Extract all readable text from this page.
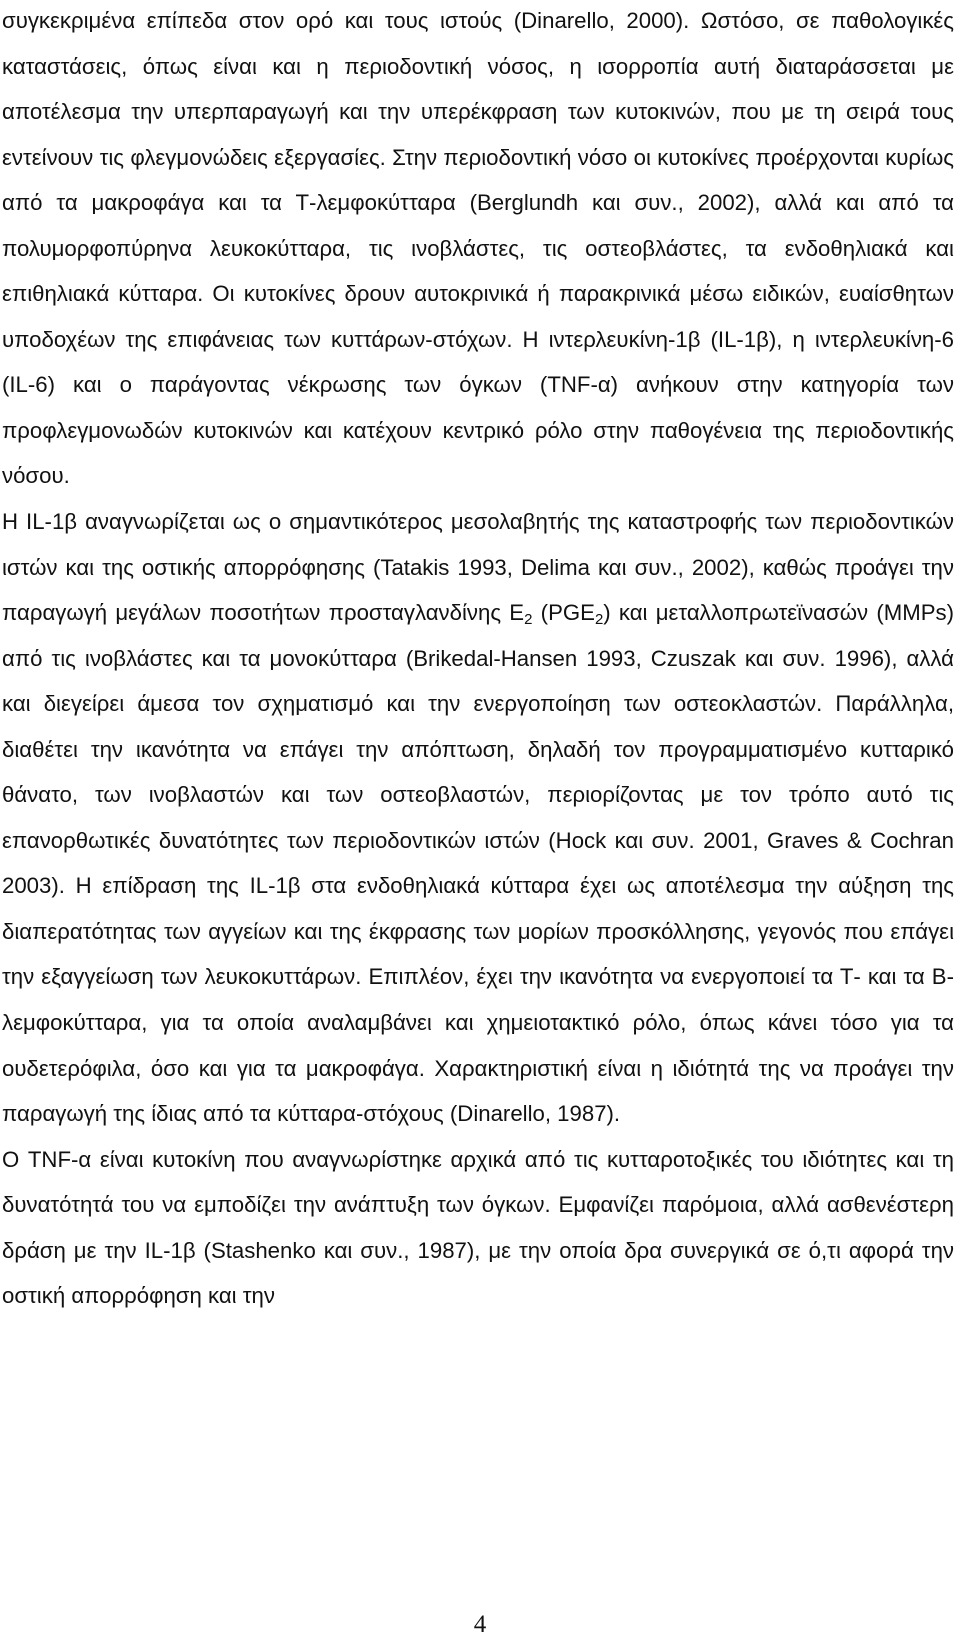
συγκεκριμένα επίπεδα στον ορό και τους ιστούς (Dinarello, 2000). Ωστόσο, σε παθολογικές καταστάσεις, όπως είναι και η περιοδοντική νόσος, η ισορροπία αυτή διαταράσσεται με αποτέλεσμα την υπερπαραγωγή και την υπερέκφραση των κυτοκινών, που με τη σειρά τους εντείνουν τις φλεγμονώδεις εξεργασίες. Στην περιοδοντική νόσο οι κυτοκίνες προέρχονται κυρίως από τα μακροφάγα και τα Τ-λεμφοκύτταρα (Berglundh και συν., 2002), αλλά και από τα πολυμορφοπύρηνα λευκοκύτταρα, τις ινοβλάστες, τις οστεοβλάστες, τα ενδοθηλιακά και επιθηλιακά κύτταρα. Οι κυτοκίνες δρουν αυτοκρινικά ή παρακρινικά μέσω ειδικών, ευαίσθητων υποδοχέων της επιφάνειας των κυττάρων-στόχων. Η ιντερλευκίνη-1β (IL-1β), η ιντερλευκίνη-6 (IL-6) και ο παράγοντας νέκρωσης των όγκων (TNF-α) ανήκουν στην κατηγορία των προφλεγμονωδών κυτοκινών και κατέχουν κεντρικό ρόλο στην παθογένεια της περιοδοντικής νόσου.

Η IL-1β αναγνωρίζεται ως ο σημαντικότερος μεσολαβητής της καταστροφής των περιοδοντικών ιστών και της οστικής απορρόφησης (Tatakis 1993, Delima και συν., 2002), καθώς προάγει την παραγωγή μεγάλων ποσοτήτων προσταγλανδίνης $E_2$ $(PGE_2)$ και μεταλλοπρωτεϊνασών (MMPs) από τις ινοβλάστες και τα μονοκύτταρα (Brikedal-Hansen 1993, Czuszak και συν. 1996), αλλά και διεγείρει άμεσα τον σχηματισμό και την ενεργοποίηση των οστεοκλαστών. Παράλληλα, διαθέτει την ικανότητα να επάγει την απόπτωση, δηλαδή τον προγραμματισμένο κυτταρικό θάνατο, των ινοβλαστών και των οστεοβλαστών, περιορίζοντας με τον τρόπο αυτό τις επανορθωτικές δυνατότητες των περιοδοντικών ιστών (Hock και συν. 2001, Graves & Cochran 2003). Η επίδραση της IL-1β στα ενδοθηλιακά κύτταρα έχει ως αποτέλεσμα την αύξηση της διαπερατότητας των αγγείων και της έκφρασης των μορίων προσκόλλησης, γεγονός που επάγει την εξαγγείωση των λευκοκυττάρων. Επιπλέον, έχει την ικανότητα να ενεργοποιεί τα Τ- και τα Β-λεμφοκύτταρα, για τα οποία αναλαμβάνει και χημειοτακτικό ρόλο, όπως κάνει τόσο για τα ουδετερόφιλα, όσο και για τα μακροφάγα. Χαρακτηριστική είναι η ιδιότητά της να προάγει την παραγωγή της ίδιας από τα κύτταρα-στόχους (Dinarello, 1987).

Ο TNF-α είναι κυτοκίνη που αναγνωρίστηκε αρχικά από τις κυτταροτοξικές του ιδιότητες και τη δυνατότητά του να εμποδίζει την ανάπτυξη των όγκων. Εμφανίζει παρόμοια, αλλά ασθενέστερη δράση με την IL-1β (Stashenko και συν., 1987), με την οποία δρα συνεργικά σε ό,τι αφορά την οστική απορρόφηση και την

4
